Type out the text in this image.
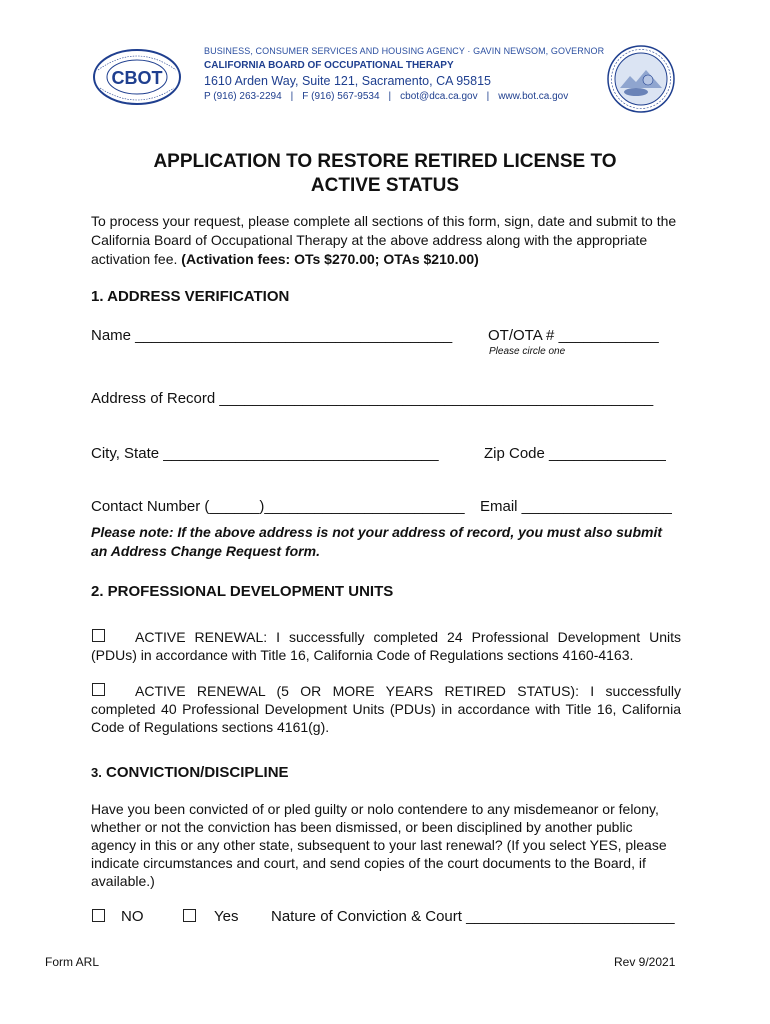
CBOT
BUSINESS, CONSUMER SERVICES AND HOUSING AGENCY · GAVIN NEWSOM, GOVERNOR
CALIFORNIA BOARD OF OCCUPATIONAL THERAPY
1610 Arden Way, Suite 121, Sacramento, CA 95815
P (916) 263-2294 | F (916) 567-9534 | cbot@dca.ca.gov | www.bot.ca.gov
APPLICATION TO RESTORE RETIRED LICENSE TO
ACTIVE STATUS
To process your request, please complete all sections of this form, sign, date and submit to the California Board of Occupational Therapy at the above address along with the appropriate activation fee. (Activation fees: OTs $270.00; OTAs $210.00)
1. ADDRESS VERIFICATION
Name ______________________________________ OT/OTA # ____________
Please circle one
Address of Record ____________________________________________________
City, State _________________________________	Zip Code ______________
Contact Number (______)________________________ Email __________________
Please note: If the above address is not your address of record, you must also submit an Address Change Request form.
2. PROFESSIONAL DEVELOPMENT UNITS
ACTIVE RENEWAL: I successfully completed 24 Professional Development Units (PDUs) in accordance with Title 16, California Code of Regulations sections 4160-4163.
ACTIVE RENEWAL (5 OR MORE YEARS RETIRED STATUS): I successfully completed 40 Professional Development Units (PDUs) in accordance with Title 16, California Code of Regulations sections 4161(g).
3. CONVICTION/DISCIPLINE
Have you been convicted of or pled guilty or nolo contendere to any misdemeanor or felony, whether or not the conviction has been dismissed, or been disciplined by another public agency in this or any other state, subsequent to your last renewal? (If you select YES, please indicate circumstances and court, and send copies of the court documents to the Board, if available.)
NO	Yes Nature of Conviction & Court _________________________
Form ARL	Rev 9/2021
